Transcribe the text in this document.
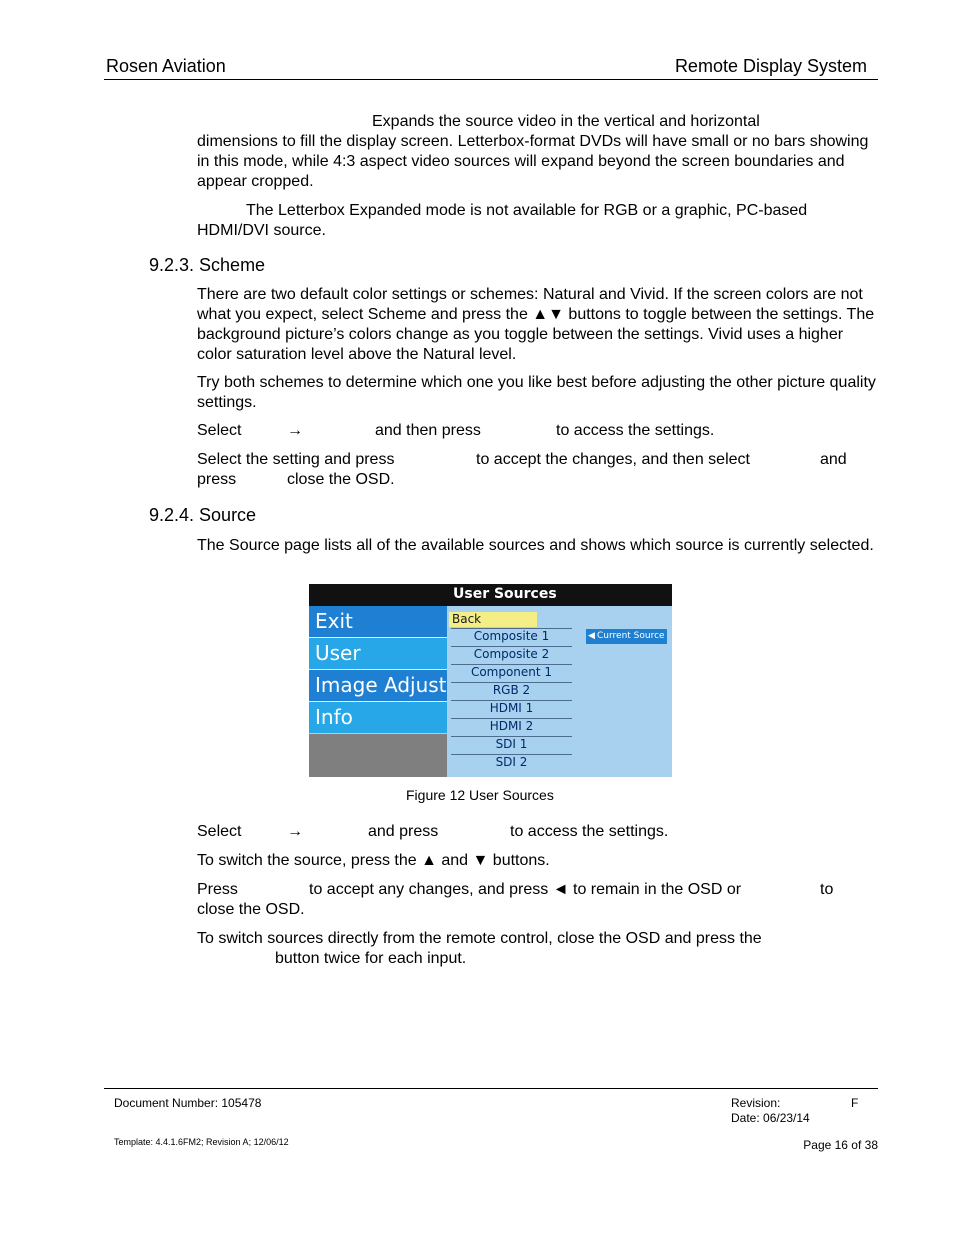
Rosen Aviation	Remote Display System
Expands the source video in the vertical and horizontal
dimensions to fill the display screen. Letterbox-format DVDs will have small or no bars showing in this mode, while 4:3 aspect video sources will expand beyond the screen boundaries and appear cropped.
The Letterbox Expanded mode is not available for RGB or a graphic, PC-based
HDMI/DVI source.
9.2.3. Scheme
There are two default color settings or schemes: Natural and Vivid. If the screen colors are not what you expect, select Scheme and press the ▲▼ buttons to toggle between the settings. The background picture’s colors change as you toggle between the settings. Vivid uses a higher color saturation level above the Natural level.
Try both schemes to determine which one you like best before adjusting the other picture quality settings.
Select	→	and then press	to access the settings.
Select the setting and press	to accept the changes, and then select	and
press	close the OSD.
9.2.4. Source
The Source page lists all of the available sources and shows which source is currently selected.
User Sources
Exit
User
Image Adjust
Info
Back
Composite 1
Composite 2
Component 1
RGB 2
HDMI 1
HDMI 2
SDI 1
SDI 2
◀ Current Source
Figure 12 User Sources
Select	→	and press	to access the settings.
To switch the source, press the ▲ and ▼ buttons.
Press	to accept any changes, and press ◄ to remain in the OSD or	to
close the OSD.
To switch sources directly from the remote control, close the OSD and press the
button twice for each input.
Document Number: 105478	Revision:	F
Date: 06/23/14
Template: 4.4.1.6FM2; Revision A; 12/06/12	Page 16 of 38
